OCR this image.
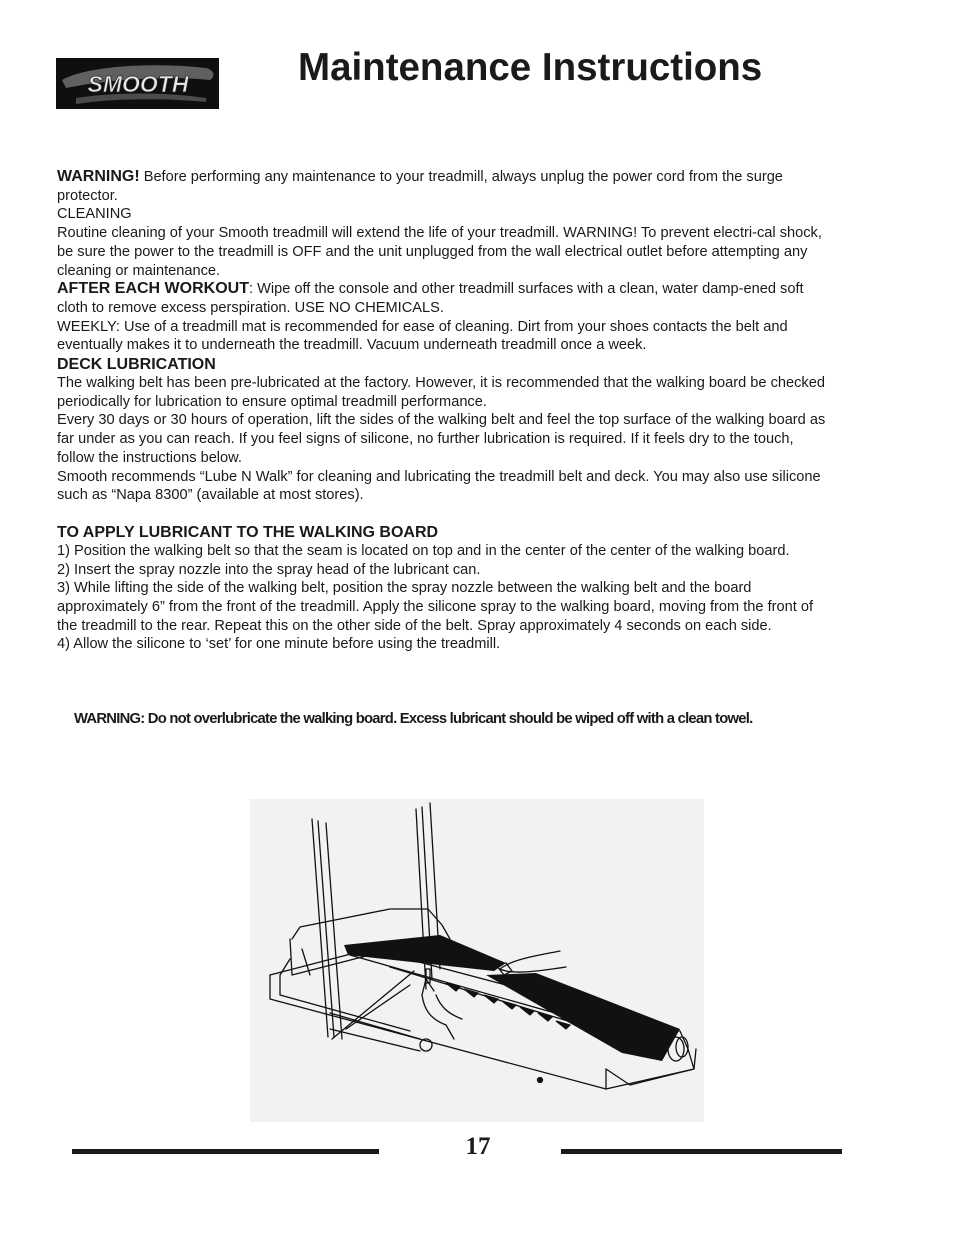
SMOOTH	Maintenance Instructions

WARNING! Before performing any maintenance to your treadmill, always unplug the power cord from the surge protector.

CLEANING

Routine cleaning of your Smooth treadmill will extend the life of your treadmill. WARNING! To prevent electri-cal shock, be sure the power to the treadmill is OFF and the unit unplugged from the wall electrical outlet before attempting any cleaning or maintenance.

AFTER EACH WORKOUT: Wipe off the console and other treadmill surfaces with a clean, water damp-ened soft cloth to remove excess perspiration. USE NO CHEMICALS.

WEEKLY: Use of a treadmill mat is recommended for ease of cleaning. Dirt from your shoes contacts the belt and eventually makes it to underneath the treadmill. Vacuum underneath treadmill once a week.

DECK LUBRICATION

The walking belt has been pre-lubricated at the factory. However, it is recommended that the walking board be checked periodically for lubrication to ensure optimal treadmill performance.

Every 30 days or 30 hours of operation, lift the sides of the walking belt and feel the top surface of the walking board as far under as you can reach. If you feel signs of silicone, no further lubrication is required. If it feels dry to the touch, follow the instructions below.

Smooth recommends “Lube N Walk” for cleaning and lubricating the treadmill belt and deck. You may also use silicone such as “Napa 8300” (available at most stores).

TO APPLY LUBRICANT TO THE WALKING BOARD

1) Position the walking belt so that the seam is located on top and in the center of the center of the walking board.

2) Insert the spray nozzle into the spray head of the lubricant can.

3) While lifting the side of the walking belt, position the spray nozzle between the walking belt and the board approximately 6” from the front of the treadmill. Apply the silicone spray to the walking board, moving from the front of the treadmill to the rear. Repeat this on the other side of the belt. Spray approximately 4 seconds on each side.

4) Allow the silicone to ‘set’ for one minute before using the treadmill.

WARNING: Do not overlubricate the walking board. Excess lubricant should be wiped off with a clean towel.
17
